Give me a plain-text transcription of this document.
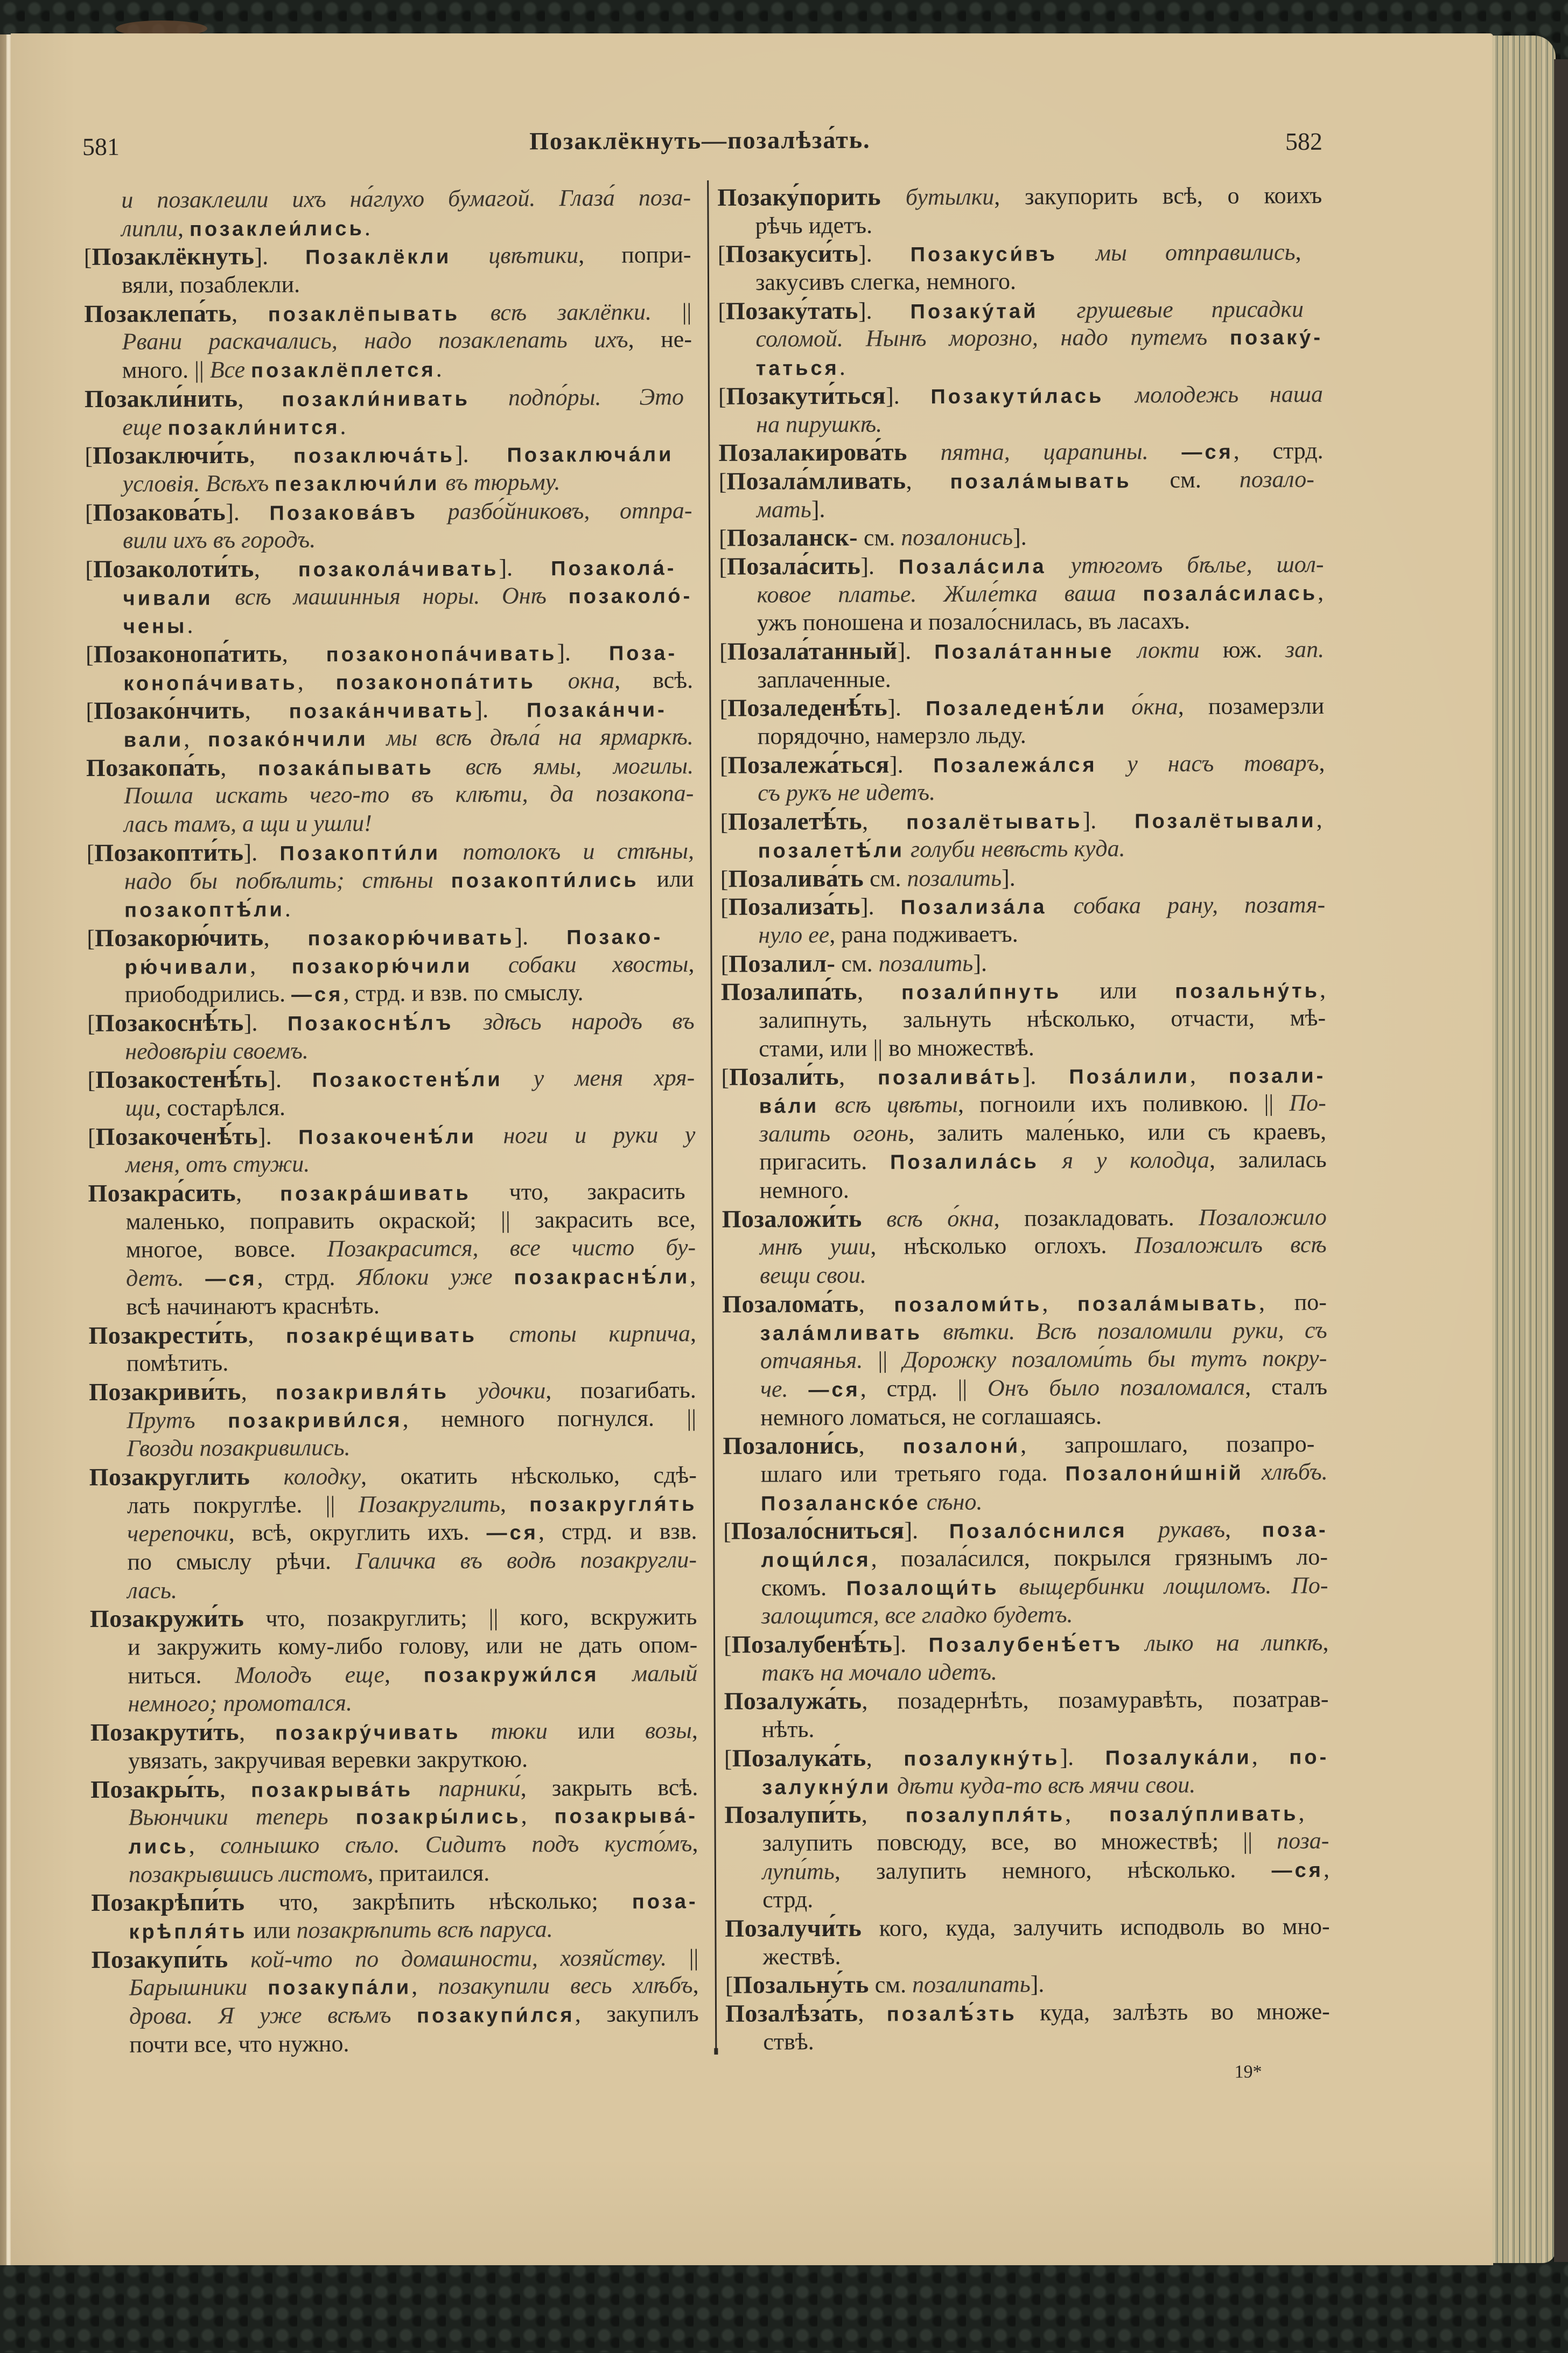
581	Позаклёкнуть—позалѣза́ть.	582
и позаклеили ихъ на́глухо бумагой. Глаза́ поза-
липли, позаклеи́лись.
[Позаклёкнуть]. Позаклёкли цвѣтики, попри-
вяли, позаблекли.
Позаклепа́ть, позаклёпывать всѣ заклёпки. ||
Рвани раскачались, надо позаклепать ихъ, не-
много. || Все позаклёплется.
Позакли́нить, позакли́нивать подпо́ры. Это
еще позакли́нится.
[Позаключи́ть, позаключа́ть]. Позаключа́ли
условія. Всѣхъ пезаключи́ли въ тюрьму.
[Позакова́ть]. Позакова́въ разбо́йниковъ, отпра-
вили ихъ въ городъ.
[Позаколоти́ть, позакола́чивать]. Позакола́-
чивали всѣ машинныя норы. Онѣ позаколо́-
чены.
[Позаконопа́тить, позаконопа́чивать]. Поза-
конопа́чивать, позаконопа́тить окна, всѣ.
[Позако́нчить, позака́нчивать]. Позака́нчи-
вали, позако́нчили мы всѣ дѣла́ на ярмаркѣ.
Позакопа́ть, позака́пывать всѣ ямы, могилы.
Пошла искать чего-то въ клѣти, да позакопа-
лась тамъ, а щи и ушли!
[Позакопти́ть]. Позакопти́ли потолокъ и стѣны,
надо бы побѣлить; стѣны позакопти́лись или
позакоптѣ́ли.
[Позакорю́чить, позакорю́чивать]. Позако-
рю́чивали, позакорю́чили собаки хвосты,
приободрились. —ся, стрд. и взв. по смыслу.
[Позакоснѣ́ть]. Позакоснѣ́лъ здѣсь народъ въ
недовѣріи своемъ.
[Позакостенѣ́ть]. Позакостенѣ́ли у меня хря-
щи, состарѣлся.
[Позакоченѣ́ть]. Позакоченѣ́ли ноги и руки у
меня, отъ стужи.
Позакра́сить, позакра́шивать что, закрасить
маленько, поправить окраской; || закрасить все,
многое, вовсе. Позакрасится, все чисто бу-
детъ. —ся, стрд. Яблоки уже позакраснѣ́ли,
всѣ начинаютъ краснѣть.
Позакрести́ть, позакре́щивать стопы кирпича,
помѣтить.
Позакриви́ть, позакривля́ть удочки, позагибать.
Прутъ позакриви́лся, немного погнулся. ||
Гвозди позакривились.
Позакруглить колодку, окатить нѣсколько, сдѣ-
лать покруглѣе. || Позакруглить, позакругля́ть
черепочки, всѣ, округлить ихъ. —ся, стрд. и взв.
по смыслу рѣчи. Галичка въ водѣ позакругли-
лась.
Позакружи́ть что, позакруглить; || кого, вскружить
и закружить кому-либо голову, или не дать опом-
ниться. Молодъ еще, позакружи́лся малый
немного; промотался.
Позакрути́ть, позакру́чивать тюки или возы,
увязать, закручивая веревки закруткою.
Позакры́ть, позакрыва́ть парники́, закрыть всѣ.
Вьюнчики теперь позакры́лись, позакрыва́-
лись, солнышко сѣло. Сидитъ подъ кусто́мъ,
позакрывшись листомъ, притаился.
Позакрѣпи́ть что, закрѣпить нѣсколько; поза-
крѣпля́ть или позакрѣпить всѣ паруса.
Позакупи́ть кой-что по домашности, хозяйству. ||
Барышники позакупа́ли, позакупили весь хлѣбъ,
дрова. Я уже всѣмъ позакупи́лся, закупилъ
почти все, что нужно.
Позаку́порить бутылки, закупорить всѣ, о коихъ
рѣчь идетъ.
[Позакуси́ть]. Позакуси́въ мы отправились,
закусивъ слегка, немного.
[Позаку́тать]. Позаку́тай грушевые присадки
соломой. Нынѣ морозно, надо путемъ позаку́-
таться.
[Позакути́ться]. Позакути́лась молодежь наша
на пирушкѣ.
Позалакирова́ть пятна, царапины. —ся, стрд.
[Позала́мливать, позала́мывать см. позало-
мать].
[Позаланск- см. позалонись].
[Позала́сить]. Позала́сила утюгомъ бѣлье, шол-
ковое платье. Жиле́тка ваша позала́силась,
ужъ поношена и позало́снилась, въ ласахъ.
[Позала́танный]. Позала́танные локти юж. зап.
заплаченные.
[Позаледенѣ́ть]. Позаледенѣ́ли о́кна, позамерзли
порядочно, намерзло льду.
[Позалежа́ться]. Позалежа́лся у насъ товаръ,
съ рукъ не идетъ.
[Позалетѣ́ть, позалётывать]. Позалётывали,
позалетѣ́ли голуби невѣсть куда.
[Позалива́ть см. позалить].
[Позализа́ть]. Позализа́ла собака рану, позатя-
нуло ее, рана подживаетъ.
[Позалил- см. позалить].
Позалипа́ть, позали́пнуть или позальну́ть,
залипнуть, зальнуть нѣсколько, отчасти, мѣ-
стами, или || во множествѣ.
[Позали́ть, позалива́ть]. Поза́лили, позали-
ва́ли всѣ цвѣты, погноили ихъ поливкою. || По-
залить огонь, залить мале́нько, или съ краевъ,
пригасить. Позалила́сь я у колодца, залилась
немного.
Позаложи́ть всѣ о́кна, позакладовать. Позаложило
мнѣ уши, нѣсколько оглохъ. Позаложилъ всѣ
вещи свои.
Позалома́ть, позаломи́ть, позала́мывать, по-
зала́мливать вѣтки. Всѣ позаломили руки, съ
отчаянья. || Дорожку позаломи́ть бы тутъ покру-
че. —ся, стрд. || Онъ было позаломался, сталъ
немного ломаться, не соглашаясь.
Позалони́сь, позалони́, запрошлаго, позапро-
шлаго или третьяго года. Позалони́шній хлѣбъ.
Позаланско́е сѣно.
[Позало́сниться]. Позало́снился рукавъ, поза-
лощи́лся, позала́сился, покрылся грязнымъ ло-
скомъ. Позалощи́ть выщербинки лощиломъ. По-
залощится, все гладко будетъ.
[Позалубенѣ́ть]. Позалубенѣ́етъ лыко на липкѣ,
такъ на мочало идетъ.
Позалужа́ть, позадернѣть, позамуравѣть, позатрав-
нѣть.
[Позалука́ть, позалукну́ть]. Позалука́ли, по-
залукну́ли дѣти куда-то всѣ мячи свои.
Позалупи́ть, позалупля́ть, позалу́пливать,
залупить повсюду, все, во множествѣ; || поза-
лупи́ть, залупить немного, нѣсколько. —ся,
стрд.
Позалучи́ть кого, куда, залучить исподволь во мно-
жествѣ.
[Позальну́ть см. позалипать].
Позалѣза́ть, позалѣ́зть куда, залѣзть во множе-
ствѣ.
19*
